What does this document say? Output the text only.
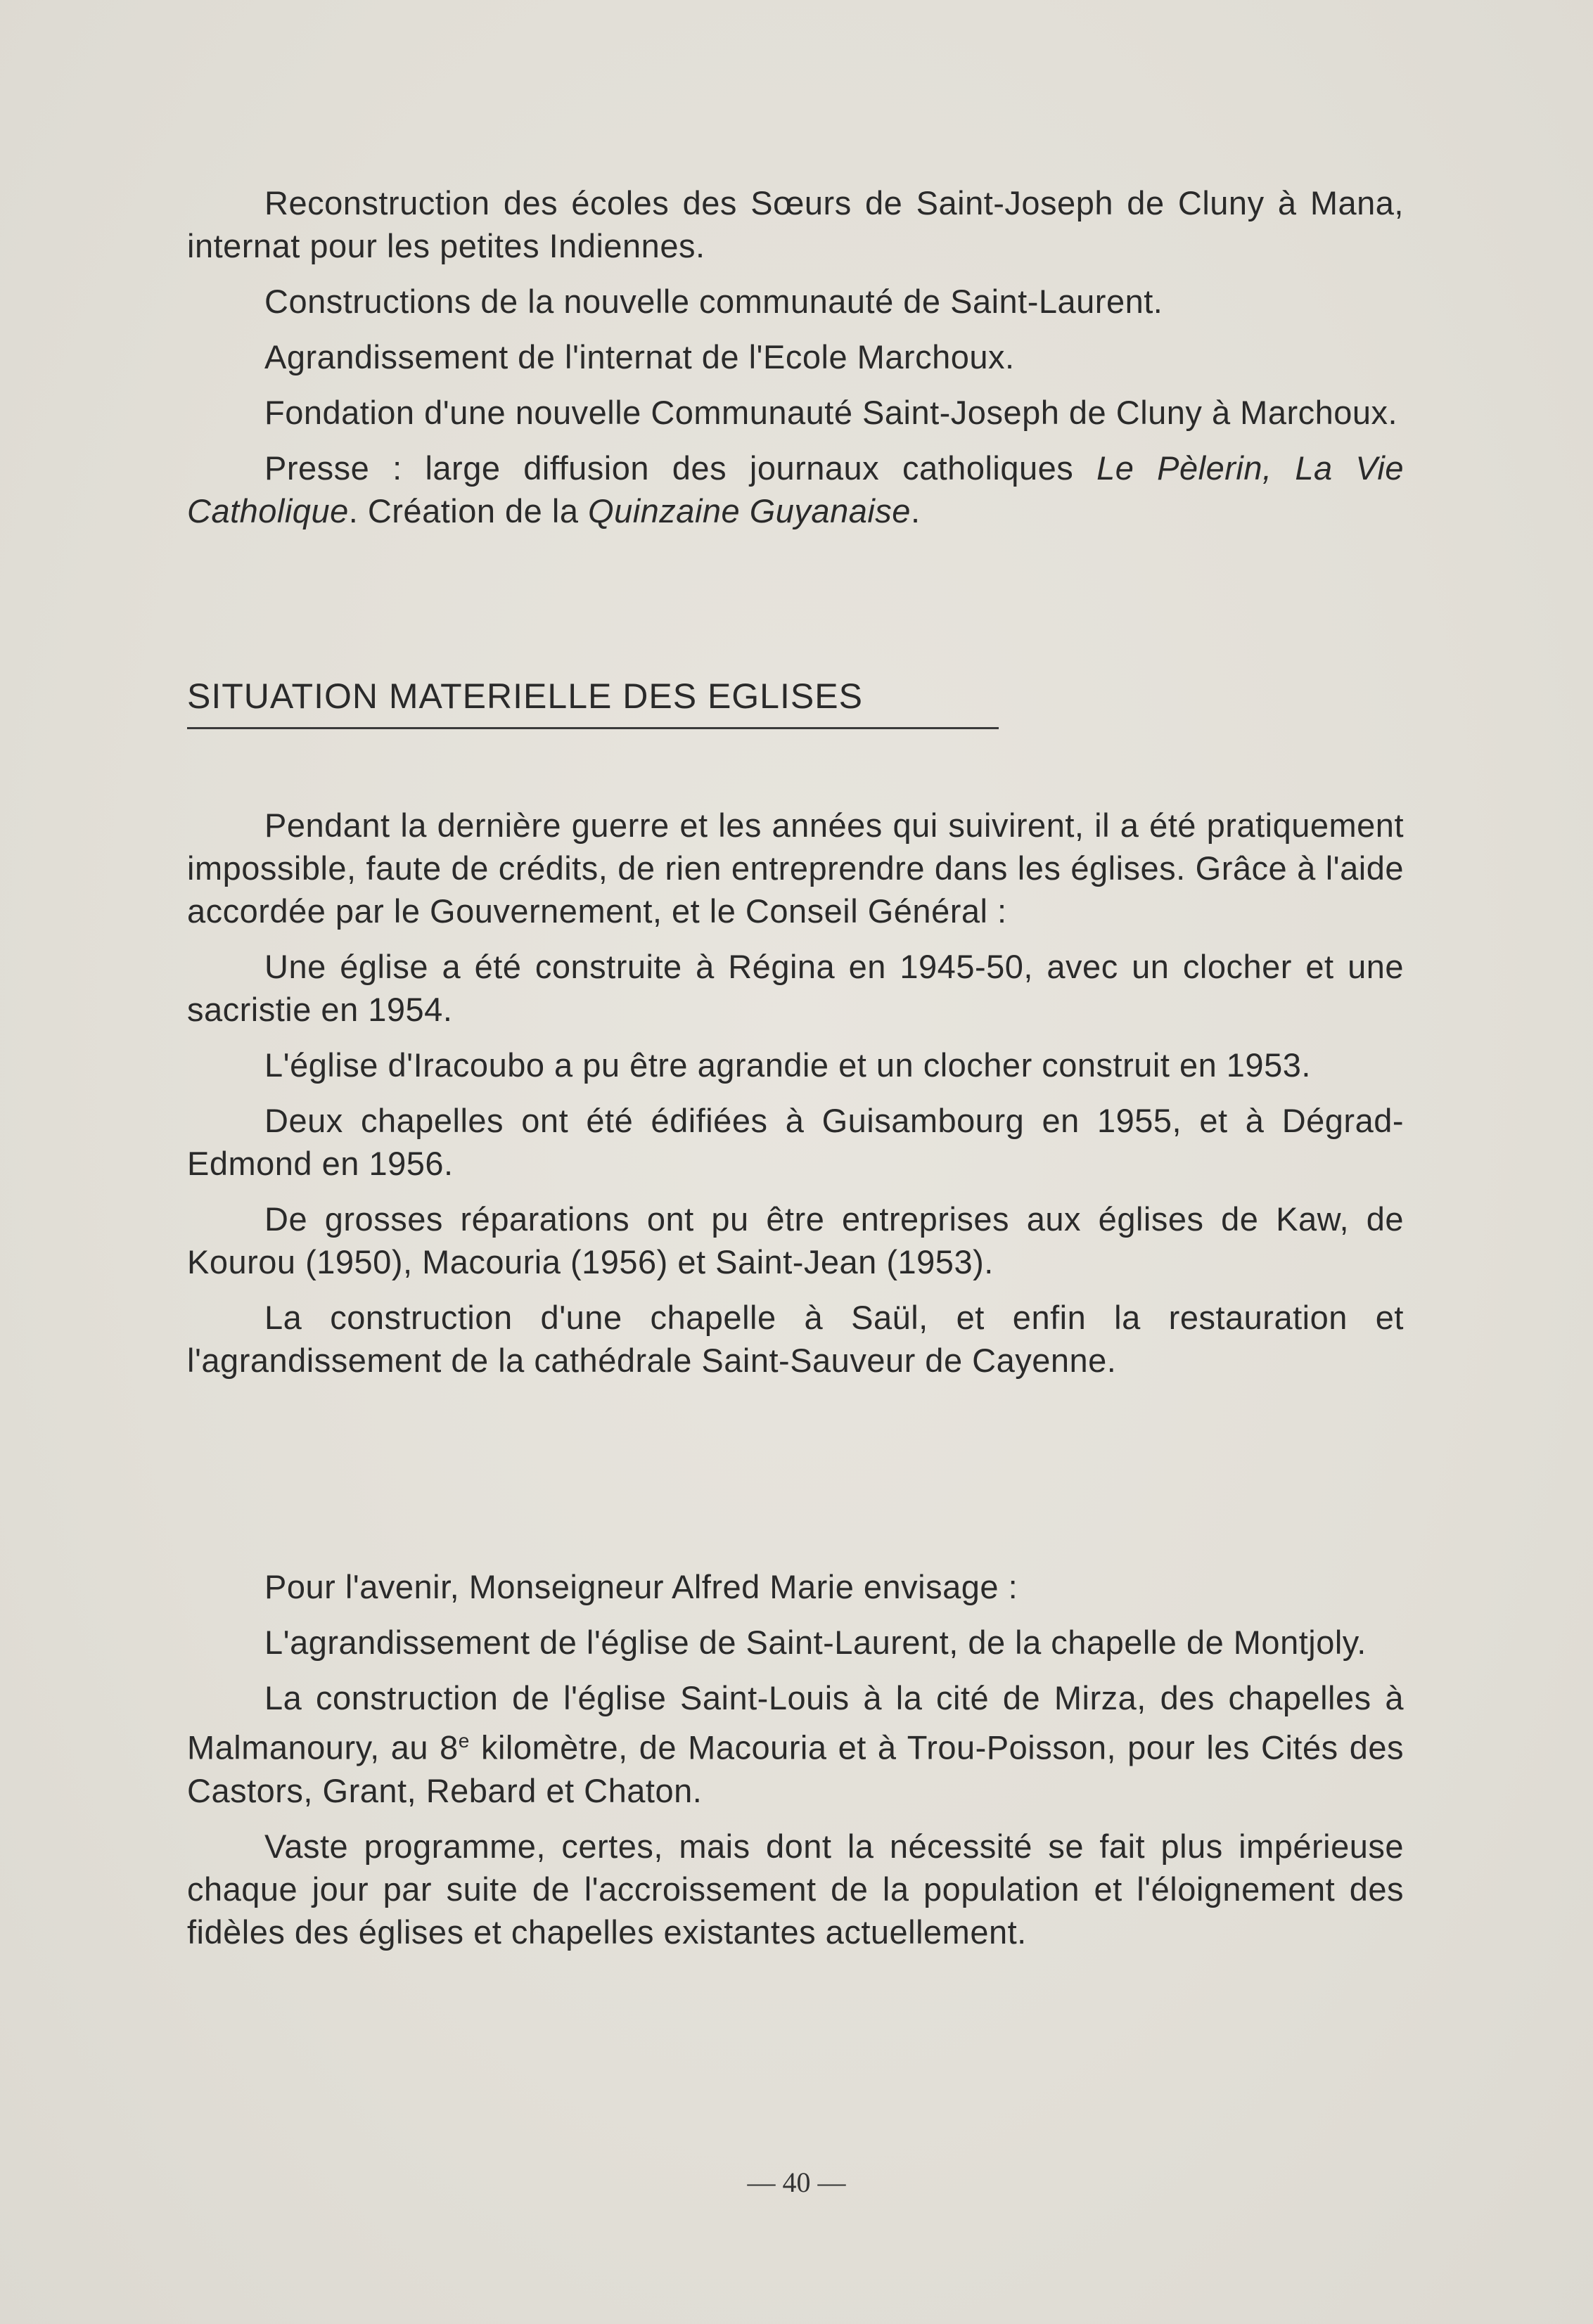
Reconstruction des écoles des Sœurs de Saint-Joseph de Cluny à Mana, internat pour les petites Indiennes.

Constructions de la nouvelle communauté de Saint-Laurent.

Agrandissement de l'internat de l'Ecole Marchoux.

Fondation d'une nouvelle Communauté Saint-Joseph de Cluny à Marchoux.

Presse : large diffusion des journaux catholiques Le Pèlerin, La Vie Catholique. Création de la Quinzaine Guyanaise.

SITUATION MATERIELLE DES EGLISES

Pendant la dernière guerre et les années qui suivirent, il a été pratiquement impossible, faute de crédits, de rien entreprendre dans les églises. Grâce à l'aide accordée par le Gouvernement, et le Conseil Général :

Une église a été construite à Régina en 1945-50, avec un clocher et une sacristie en 1954.

L'église d'Iracoubo a pu être agrandie et un clocher construit en 1953.

Deux chapelles ont été édifiées à Guisambourg en 1955, et à Dégrad-Edmond en 1956.

De grosses réparations ont pu être entreprises aux églises de Kaw, de Kourou (1950), Macouria (1956) et Saint-Jean (1953).

La construction d'une chapelle à Saül, et enfin la restauration et l'agrandissement de la cathédrale Saint-Sauveur de Cayenne.

Pour l'avenir, Monseigneur Alfred Marie envisage :

L'agrandissement de l'église de Saint-Laurent, de la chapelle de Montjoly.

La construction de l'église Saint-Louis à la cité de Mirza, des chapelles à Malmanoury, au 8e kilomètre, de Macouria et à Trou-Poisson, pour les Cités des Castors, Grant, Rebard et Chaton.

Vaste programme, certes, mais dont la nécessité se fait plus impérieuse chaque jour par suite de l'accroissement de la population et l'éloignement des fidèles des églises et chapelles existantes actuellement.

— 40 —
